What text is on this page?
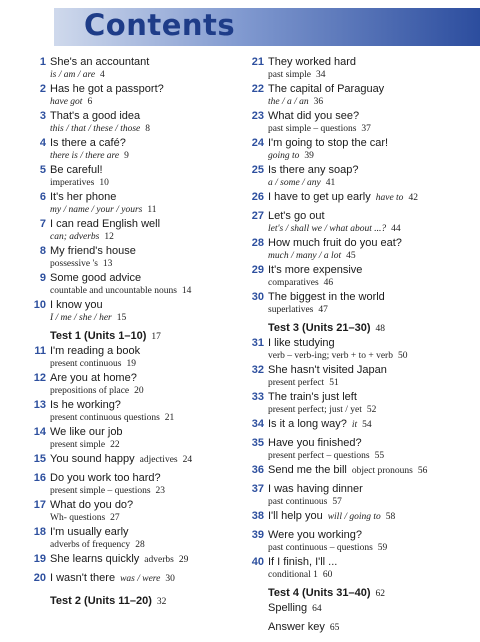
Contents
1 She's an accountant
is / am / are 4
2 Has he got a passport?
have got 6
3 That's a good idea
this / that / these / those 8
4 Is there a café?
there is / there are 9
5 Be careful!
imperatives 10
6 It's her phone
my / name / your / yours 11
7 I can read English well
can; adverbs 12
8 My friend's house
possessive 's 13
9 Some good advice
countable and uncountable nouns 14
10 I know you
I / me / she / her 15
Test 1 (Units 1–10) 17
11 I'm reading a book
present continuous 19
12 Are you at home?
prepositions of place 20
13 Is he working?
present continuous questions 21
14 We like our job
present simple 22
15 You sound happy adjectives 24
16 Do you work too hard?
present simple – questions 23
17 What do you do?
Wh- questions 27
18 I'm usually early
adverbs of frequency 28
19 She learns quickly adverbs 29
20 I wasn't there was / were 30
Test 2 (Units 11–20) 32
21 They worked hard
past simple 34
22 The capital of Paraguay
the / a / an 36
23 What did you see?
past simple – questions 37
24 I'm going to stop the car!
going to 39
25 Is there any soap?
a / some / any 41
26 I have to get up early have to 42
27 Let's go out
let's / shall we / what about ...? 44
28 How much fruit do you eat?
much / many / a lot 45
29 It's more expensive
comparatives 46
30 The biggest in the world
superlatives 47
Test 3 (Units 21–30) 48
31 I like studying
verb – verb-ing; verb + to + verb 50
32 She hasn't visited Japan
present perfect 51
33 The train's just left
present perfect; just / yet 52
34 Is it a long way? it 54
35 Have you finished?
present perfect – questions 55
36 Send me the bill object pronouns 56
37 I was having dinner
past continuous 57
38 I'll help you will / going to 58
39 Were you working?
past continuous – questions 59
40 If I finish, I'll ...
conditional 1 60
Test 4 (Units 31–40) 62
Spelling 64
Answer key 65
